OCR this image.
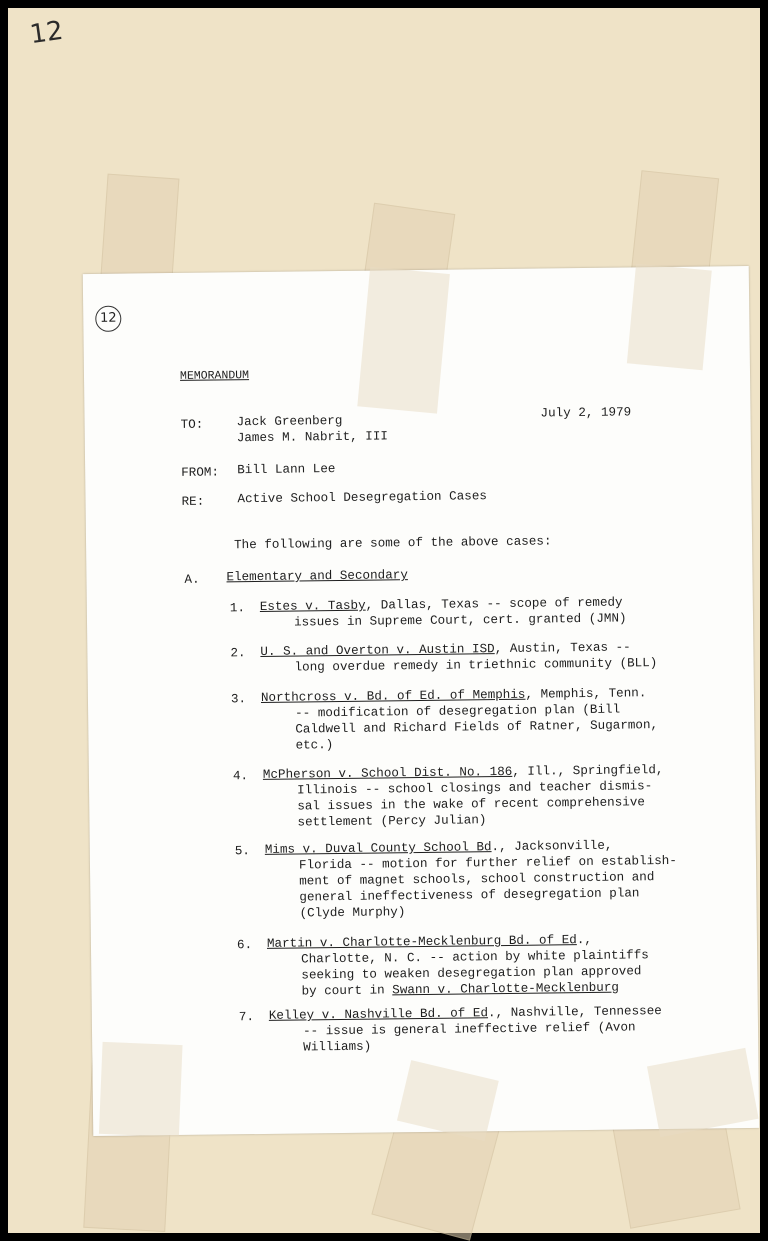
12
12
MEMORANDUM
TO:	Jack Greenberg
James M. Nabrit, III
July 2, 1979
FROM: Bill Lann Lee
RE:	Active School Desegregation Cases
The following are some of the above cases:
A. Elementary and Secondary
1. Estes v. Tasby, Dallas, Texas -- scope of remedy
issues in Supreme Court, cert. granted (JMN)
2. U. S. and Overton v. Austin ISD, Austin, Texas --
long overdue remedy in triethnic community (BLL)
3. Northcross v. Bd. of Ed. of Memphis, Memphis, Tenn.
-- modification of desegregation plan (Bill
Caldwell and Richard Fields of Ratner, Sugarmon,
etc.)
4. McPherson v. School Dist. No. 186, Ill., Springfield,
Illinois -- school closings and teacher dismis-
sal issues in the wake of recent comprehensive
settlement (Percy Julian)
5. Mims v. Duval County School Bd., Jacksonville,
Florida -- motion for further relief on establish-
ment of magnet schools, school construction and
general ineffectiveness of desegregation plan
(Clyde Murphy)
6. Martin v. Charlotte-Mecklenburg Bd. of Ed.,
Charlotte, N. C. -- action by white plaintiffs
seeking to weaken desegregation plan approved
by court in Swann v. Charlotte-Mecklenburg
7. Kelley v. Nashville Bd. of Ed., Nashville, Tennessee
-- issue is general ineffective relief (Avon
Williams)
